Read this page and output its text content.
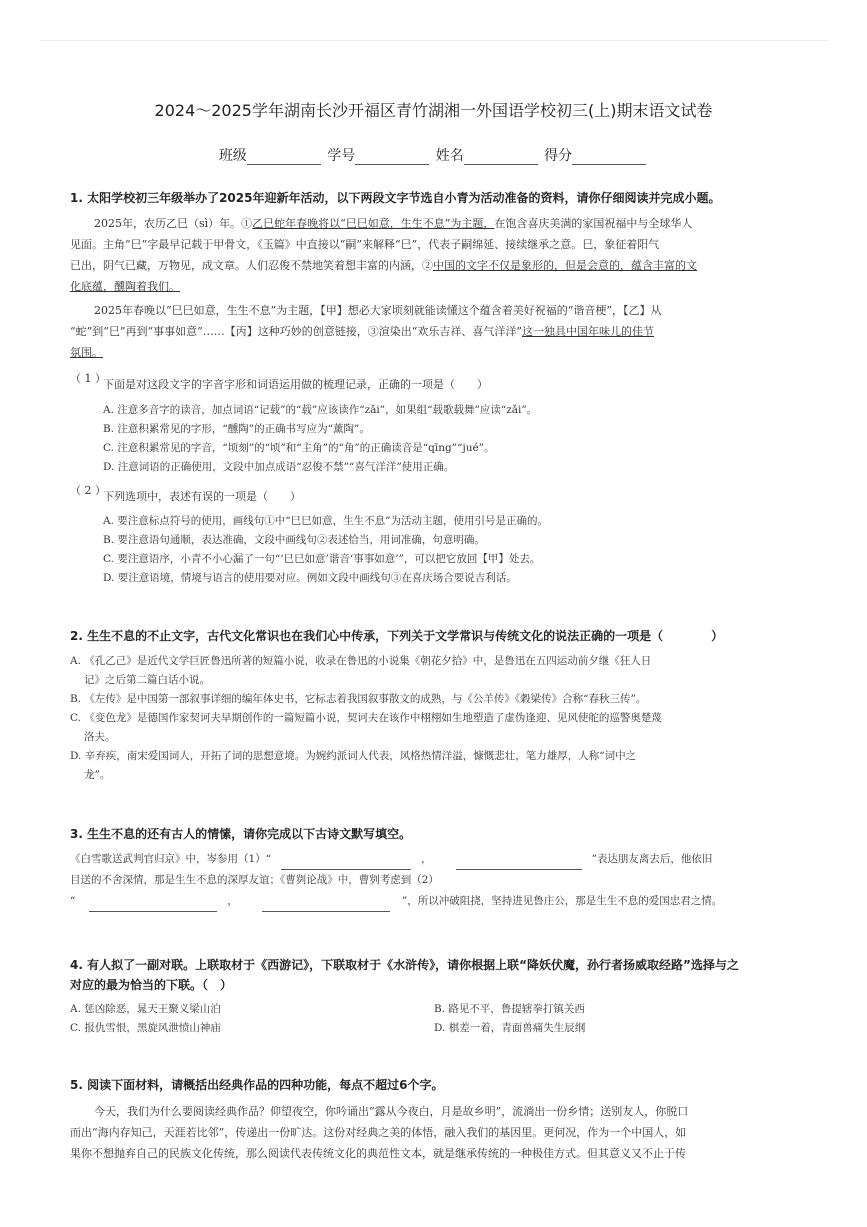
2024～2025学年湖南长沙开福区青竹湖湘一外国语学校初三(上)期末语文试卷
班级	学号	姓名	得分
1. 太阳学校初三年级举办了2025年迎新年活动，以下两段文字节选自小青为活动准备的资料，请你仔细阅读并完成小题。
2025年，农历乙巳（sì）年。①乙巳蛇年春晚将以“巳巳如意，生生不息”为主题，在饱含喜庆美满的家国祝福中与全球华人
见面。主角“巳”字最早记载于甲骨文，《玉篇》中直接以“嗣”来解释“巳”，代表子嗣绵延、接续继承之意。巳，象征着阳气
已出，阴气已藏，万物见，成文章。人们忍俊不禁地笑着想丰富的内涵，②中国的文字不仅是象形的，但是会意的，蕴含丰富的文
化底蕴，醺陶着我们。
2025年春晚以“巳巳如意，生生不息”为主题，【甲】想必大家顷刻就能读懂这个蕴含着美好祝福的“谐音梗”，【乙】从
“蛇”到“巳”再到“事事如意”……【丙】这种巧妙的创意链接，③渲染出“欢乐吉祥、喜气洋洋”这一独具中国年味儿的佳节
氛围。
（ 1 ）
下面是对这段文字的字音字形和词语运用做的梳理记录，正确的一项是（　　）
A. 注意多音字的读音，加点词语“记载”的“载”应该读作“zǎi”，如果组“载歌载舞”应读“zǎi”。
B. 注意积累常见的字形，“醺陶”的正确书写应为“薰陶”。
C. 注意积累常见的字音，“顷刻”的“顷”和“主角”的“角”的正确读音是“qīng”“jué”。
D. 注意词语的正确使用，文段中加点成语“忍俊不禁”“喜气洋洋”使用正确。
（ 2 ）
下列选项中，表述有误的一项是（　　）
A. 要注意标点符号的使用，画线句①中“巳巳如意，生生不息”为活动主题，使用引号是正确的。
B. 要注意语句通顺，表达准确，文段中画线句②表述恰当，用词准确，句意明确。
C. 要注意语序，小青不小心漏了一句“‘巳巳如意’谐音‘事事如意’”，可以把它放回【甲】处去。
D. 要注意语境，情境与语言的使用要对应。例如文段中画线句③在喜庆场合要说吉利话。
2. 生生不息的不止文字，古代文化常识也在我们心中传承，下列关于文学常识与传统文化的说法正确的一项是（　　　　）
A. 《孔乙己》是近代文学巨匠鲁迅所著的短篇小说，收录在鲁迅的小说集《朝花夕拾》中，是鲁迅在五四运动前夕继《狂人日
记》之后第二篇白话小说。
B. 《左传》是中国第一部叙事详细的编年体史书，它标志着我国叙事散文的成熟，与《公羊传》《穀梁传》合称“春秋三传”。
C. 《变色龙》是德国作家契诃夫早期创作的一篇短篇小说，契诃夫在该作中栩栩如生地塑造了虚伪逢迎、见风使舵的巡警奥楚蔑
洛夫。
D. 辛弃疾，南宋爱国词人，开拓了词的思想意境。为婉约派词人代表，风格热情洋溢，慷慨悲壮，笔力雄厚，人称“词中之
龙”。
3. 生生不息的还有古人的情愫，请你完成以下古诗文默写填空。
《白雪歌送武判官归京》中，岑参用（1）“	，	”表达朋友离去后，他依旧
目送的不舍深情，那是生生不息的深厚友谊；《曹刿论战》中，曹刿考虑到（2）
“	，	”，所以冲破阻挠，坚持进见鲁庄公，那是生生不息的爱国忠君之情。
4. 有人拟了一副对联。上联取材于《西游记》，下联取材于《水浒传》，请你根据上联“降妖伏魔，孙行者扬威取经路”选择与之
对应的最为恰当的下联。（　）
A. 惩凶除恶，晁天王聚义梁山泊	B. 路见不平，鲁提辖拳打镇关西
C. 报仇雪恨，黑旋风泄愤山神庙	D. 棋差一着，青面兽痛失生辰纲
5. 阅读下面材料，请概括出经典作品的四种功能，每点不超过6个字。
今天，我们为什么要阅读经典作品？仰望夜空，你吟诵出“露从今夜白，月是故乡明”，流淌出一份乡情；送别友人，你脱口
而出“海内存知己，天涯若比邻”，传递出一份旷达。这份对经典之美的体悟，融入我们的基因里。更何况，作为一个中国人，如
果你不想抛弃自己的民族文化传统，那么阅读代表传统文化的典范性文本，就是继承传统的一种极佳方式。但其意义又不止于传
